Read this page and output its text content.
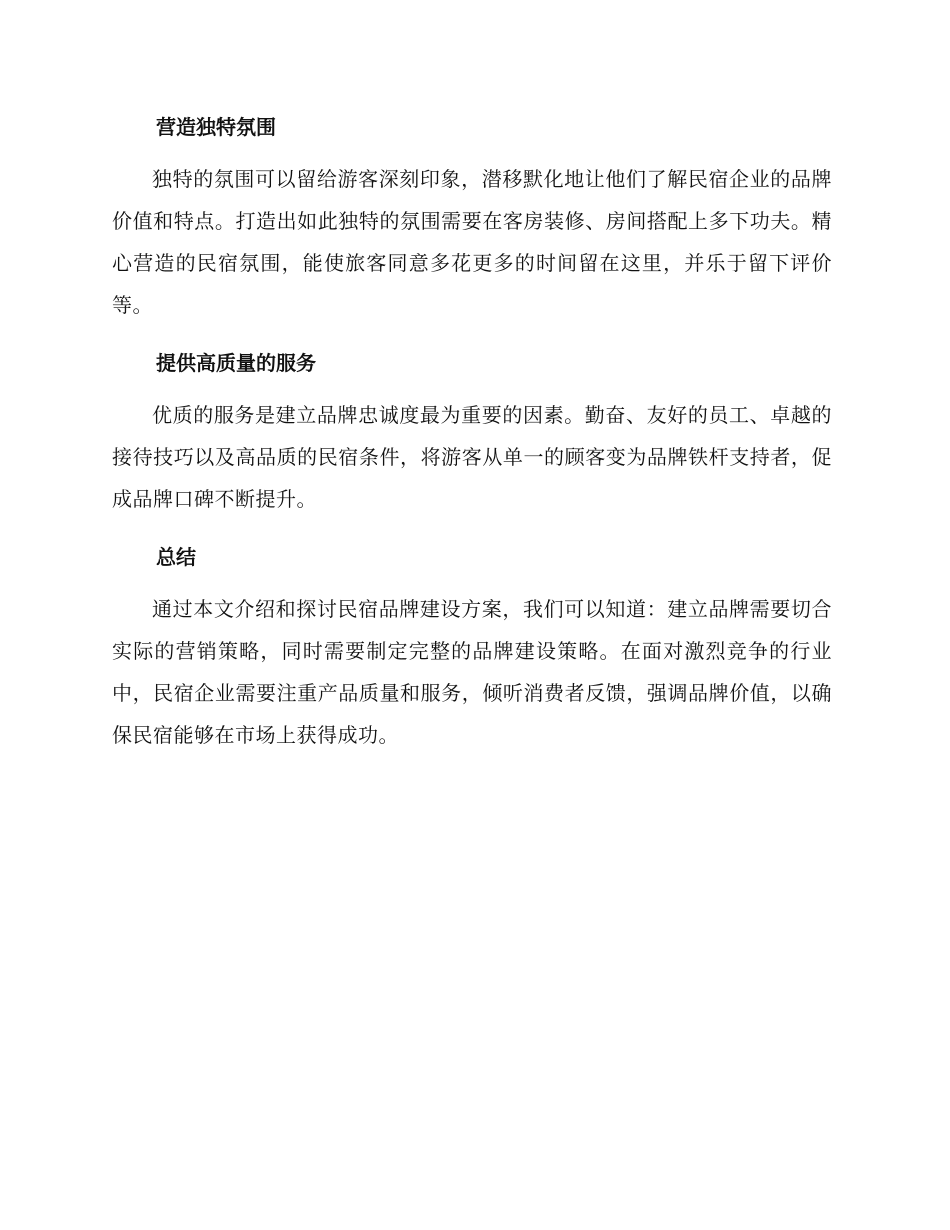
营造独特氛围

独特的氛围可以留给游客深刻印象，潜移默化地让他们了解民宿企业的品牌价值和特点。打造出如此独特的氛围需要在客房装修、房间搭配上多下功夫。精心营造的民宿氛围，能使旅客同意多花更多的时间留在这里，并乐于留下评价等。

提供高质量的服务

优质的服务是建立品牌忠诚度最为重要的因素。勤奋、友好的员工、卓越的接待技巧以及高品质的民宿条件，将游客从单一的顾客变为品牌铁杆支持者，促成品牌口碑不断提升。

总结

通过本文介绍和探讨民宿品牌建设方案，我们可以知道：建立品牌需要切合实际的营销策略，同时需要制定完整的品牌建设策略。在面对激烈竞争的行业中，民宿企业需要注重产品质量和服务，倾听消费者反馈，强调品牌价值，以确保民宿能够在市场上获得成功。
